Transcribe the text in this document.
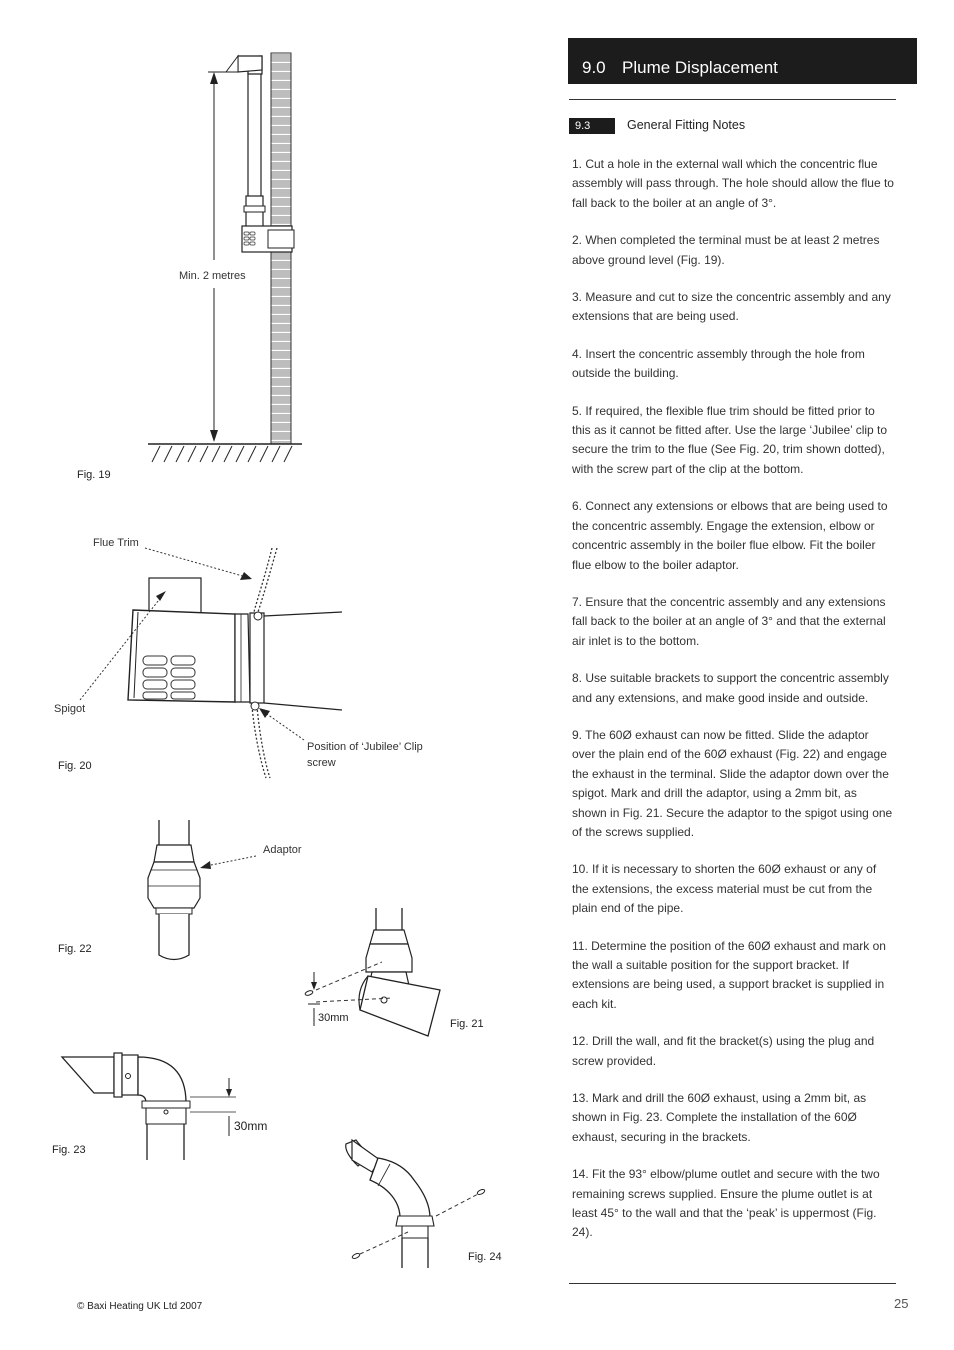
9.0 Plume Displacement
9.3	General Fitting Notes

1. Cut a hole in the external wall which the concentric flue assembly will pass through. The hole should allow the flue to fall back to the boiler at an angle of 3°.

2. When completed the terminal must be at least 2 metres above ground level (Fig. 19).

3. Measure and cut to size the concentric assembly and any extensions that are being used.

4. Insert the concentric assembly through the hole from outside the building.

5. If required, the flexible flue trim should be fitted prior to this as it cannot be fitted after. Use the large ‘Jubilee’ clip to secure the trim to the flue (See Fig. 20, trim shown dotted), with the screw part of the clip at the bottom.

6. Connect any extensions or elbows that are being used to the concentric assembly. Engage the extension, elbow or concentric assembly in the boiler flue elbow. Fit the boiler flue elbow to the boiler adaptor.

7. Ensure that the concentric assembly and any extensions fall back to the boiler at an angle of 3° and that the external air inlet is to the bottom.

8. Use suitable brackets to support the concentric assembly and any extensions, and make good inside and outside.

9. The 60Ø exhaust can now be fitted. Slide the adaptor over the plain end of the 60Ø exhaust (Fig. 22) and engage the exhaust in the terminal. Slide the adaptor down over the spigot. Mark and drill the adaptor, using a 2mm bit, as shown in Fig. 21. Secure the adaptor to the spigot using one of the screws supplied.

10. If it is necessary to shorten the 60Ø exhaust or any of the extensions, the excess material must be cut from the plain end of the pipe.

11. Determine the position of the 60Ø exhaust and mark on the wall a suitable position for the support bracket. If extensions are being used, a support bracket is supplied in each kit.

12. Drill the wall, and fit the bracket(s) using the plug and screw provided.

13. Mark and drill the 60Ø exhaust, using a 2mm bit, as shown in Fig. 23. Complete the installation of the 60Ø exhaust, securing in the brackets.

14. Fit the 93° elbow/plume outlet and secure with the two remaining screws supplied. Ensure the plume outlet is at least 45° to the wall and that the ‘peak’ is uppermost (Fig. 24).

Min. 2 metres
Fig. 19
Flue Trim
Spigot
Position of ‘Jubilee’ Clip
screw
Fig. 20
Adaptor
Fig. 22
30mm	Fig. 21
30mm
Fig. 23
Fig. 24
© Baxi Heating UK Ltd 2007	25
